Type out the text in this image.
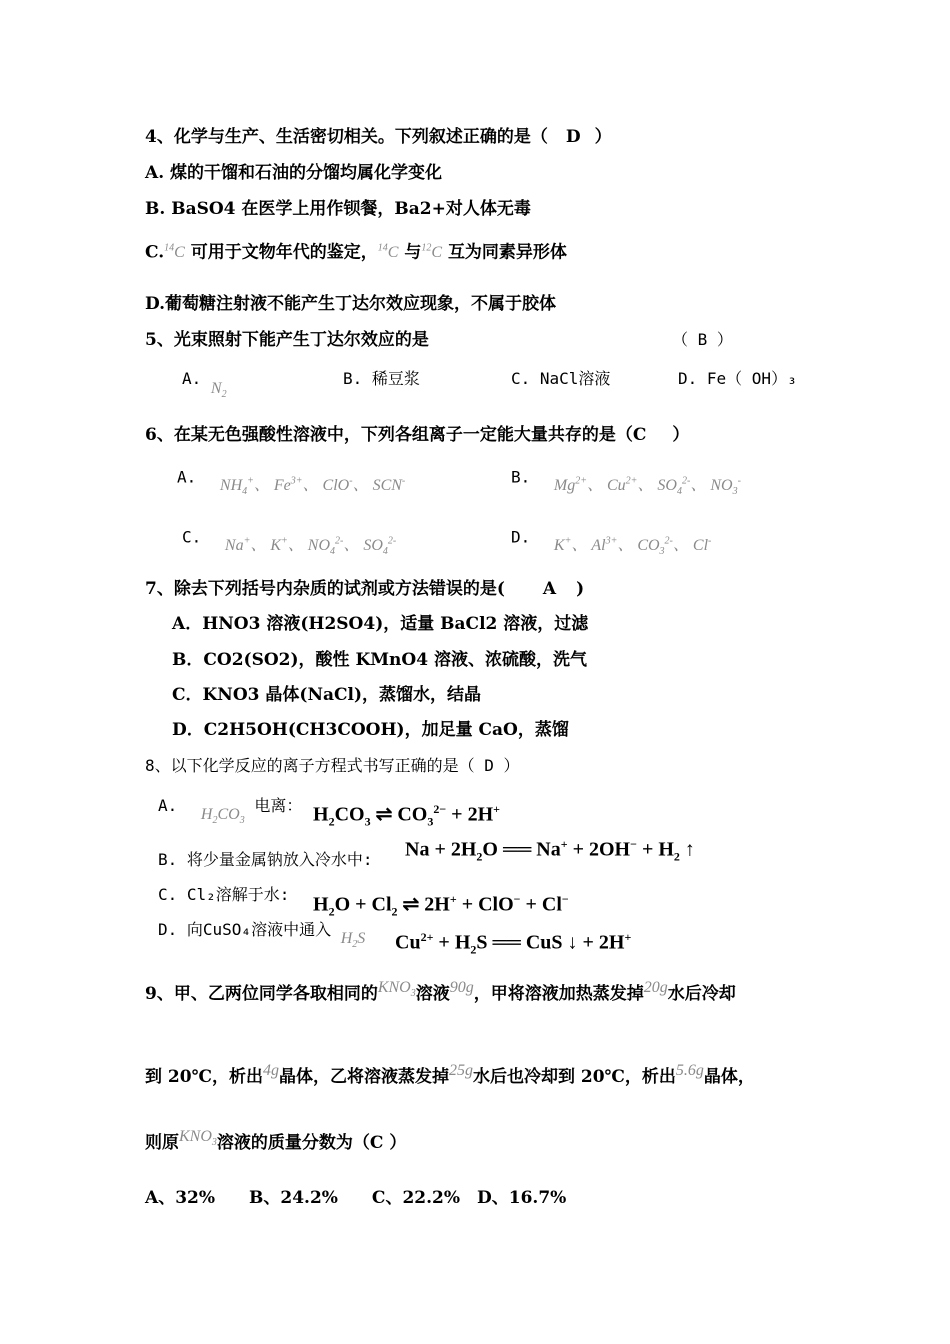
4、化学与生产、生活密切相关。下列叙述正确的是（ D ）
A. 煤的干馏和石油的分馏均属化学变化
B. BaSO4 在医学上用作钡餐，Ba2+对人体无毒
C.$^{14}$C 可用于文物年代的鉴定，$^{14}$C 与$^{12}$C 互为同素异形体
D.葡萄糖注射液不能产生丁达尔效应现象，不属于胶体
5、光束照射下能产生丁达尔效应的是	（ B ）
A. $N_2$
B. 稀豆浆	C. NaCl溶液	D. Fe（ OH）₃
6、在某无色强酸性溶液中，下列各组离子一定能大量共存的是（C ）
A. $NH_4^+$、 $Fe^{3+}$、 ClO-、 SCN-	B. $Mg^{2+}$、 $Cu^{2+}$、 $SO_4^{2-}$、 $NO_3^-$
C. Na+、 K+、 $NO_4^{2-}$、 $SO_4^{2-}$	D. K+、 $Al^{3+}$、 $CO_3^{2-}$、 Cl-
7、除去下列括号内杂质的试剂或方法错误的是( A )
A．HNO3 溶液(H2SO4)，适量 BaCl2 溶液，过滤
B．CO2(SO2)，酸性 KMnO4 溶液、浓硫酸，洗气
C．KNO3 晶体(NaCl)，蒸馏水，结晶
D．C2H5OH(CH3COOH)，加足量 CaO，蒸馏
8、以下化学反应的离子方程式书写正确的是（ D ）
A. $H_2CO_3$ 电离： $H_2CO_3$ ⇌ $CO_3^{2-} + 2H^+$
B. 将少量金属钠放入冷水中: $Na + 2H_2O$ ══ $Na^+ + 2OH^- + H_2$ ↑
C. Cl₂溶解于水: $H_2O + Cl_2$ ⇌ 2H+ + ClO− + Cl−
D. 向CuSO₄溶液中通入 $H_2S$ $Cu^{2+} + H_2S$ ══ CuS ↓ + 2H+
9、甲、乙两位同学各取相同的$KNO_3$溶液90g，甲将溶液加热蒸发掉20g水后冷却
到 20℃，析出4g晶体，乙将溶液蒸发掉25g水后也冷却到 20℃，析出5.6g晶体，
则原$KNO_3$溶液的质量分数为（C ）
A、32%　　B、24.2%　　C、22.2%　D、16.7%
